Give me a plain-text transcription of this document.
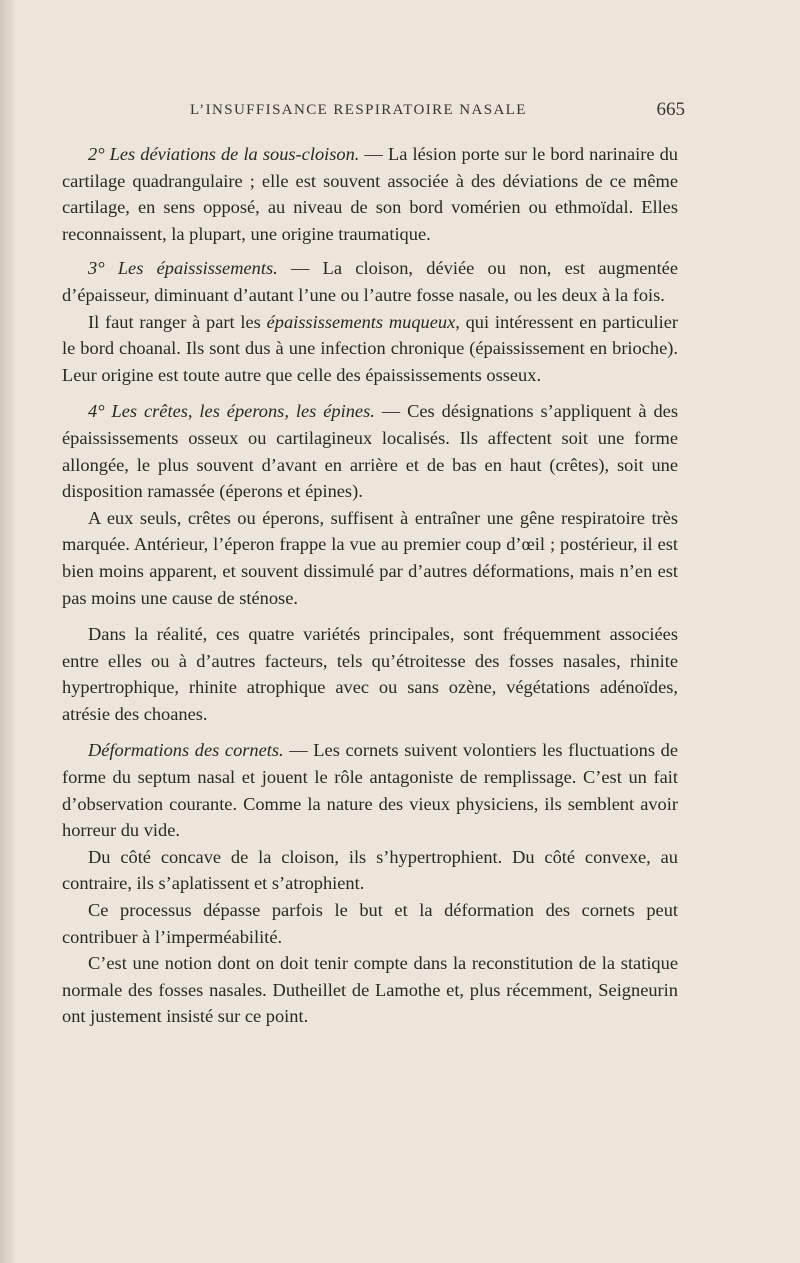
L’INSUFFISANCE RESPIRATOIRE NASALE	665

2° Les déviations de la sous-cloison. — La lésion porte sur le bord narinaire du cartilage quadrangulaire ; elle est souvent associée à des déviations de ce même cartilage, en sens opposé, au niveau de son bord vomérien ou ethmoïdal. Elles reconnaissent, la plupart, une origine traumatique.

3° Les épaississements. — La cloison, déviée ou non, est augmentée d’épaisseur, diminuant d’autant l’une ou l’autre fosse nasale, ou les deux à la fois.

Il faut ranger à part les épaississements muqueux, qui intéressent en particulier le bord choanal. Ils sont dus à une infection chronique (épaississement en brioche). Leur origine est toute autre que celle des épaississements osseux.

4° Les crêtes, les éperons, les épines. — Ces désignations s’appliquent à des épaississements osseux ou cartilagineux localisés. Ils affectent soit une forme allongée, le plus souvent d’avant en arrière et de bas en haut (crêtes), soit une disposition ramassée (éperons et épines).

A eux seuls, crêtes ou éperons, suffisent à entraîner une gêne respiratoire très marquée. Antérieur, l’éperon frappe la vue au premier coup d’œil ; postérieur, il est bien moins apparent, et souvent dissimulé par d’autres déformations, mais n’en est pas moins une cause de sténose.

Dans la réalité, ces quatre variétés principales, sont fréquemment associées entre elles ou à d’autres facteurs, tels qu’étroitesse des fosses nasales, rhinite hypertrophique, rhinite atrophique avec ou sans ozène, végétations adénoïdes, atrésie des choanes.

Déformations des cornets. — Les cornets suivent volontiers les fluctuations de forme du septum nasal et jouent le rôle antagoniste de remplissage. C’est un fait d’observation courante. Comme la nature des vieux physiciens, ils semblent avoir horreur du vide.

Du côté concave de la cloison, ils s’hypertrophient. Du côté convexe, au contraire, ils s’aplatissent et s’atrophient.

Ce processus dépasse parfois le but et la déformation des cornets peut contribuer à l’imperméabilité.

C’est une notion dont on doit tenir compte dans la reconstitution de la statique normale des fosses nasales. Dutheillet de Lamothe et, plus récemment, Seigneurin ont justement insisté sur ce point.
